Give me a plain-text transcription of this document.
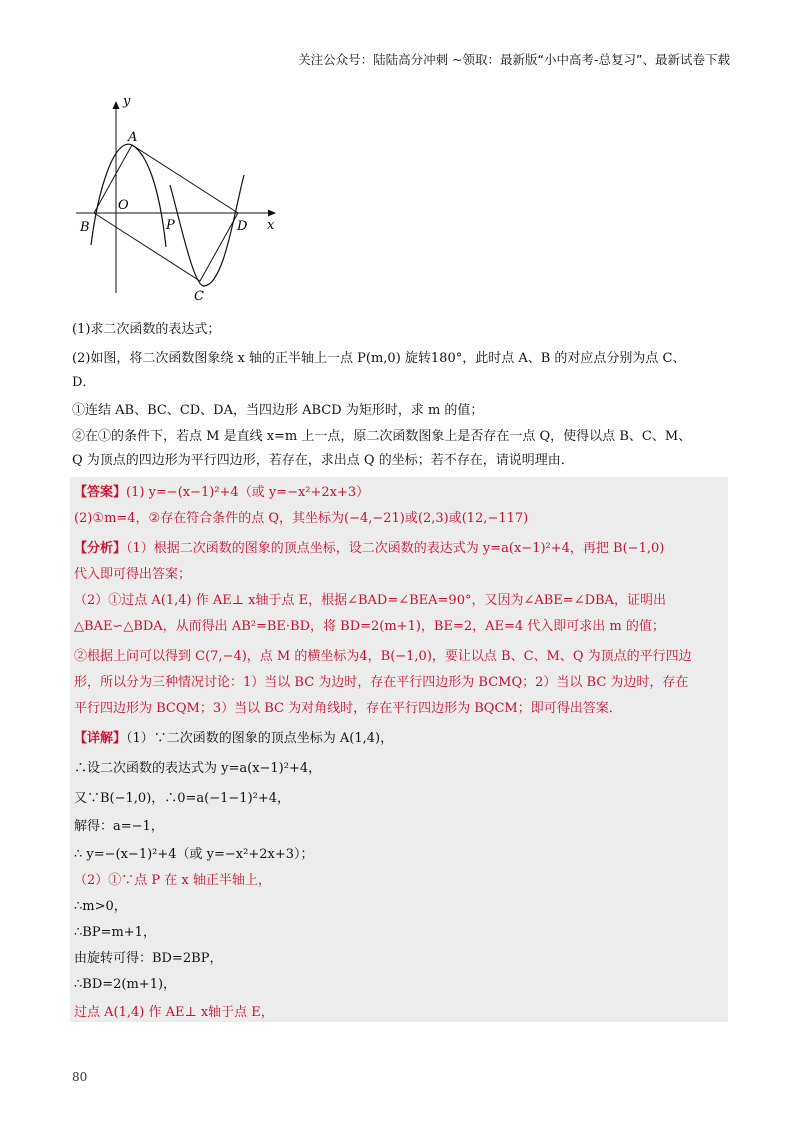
关注公众号：陆陆高分冲刺 ~领取：最新版“小中高考-总复习”、最新试卷下载
y
x
A
O
B	P	D
C
(1)求二次函数的表达式；
(2)如图，将二次函数图象绕 x 轴的正半轴上一点 P(m,0) 旋转180°，此时点 A、B 的对应点分别为点 C、
D．
①连结 AB、BC、CD、DA，当四边形 ABCD 为矩形时，求 m 的值；
②在①的条件下，若点 M 是直线 x=m 上一点，原二次函数图象上是否存在一点 Q，使得以点 B、C、M、
Q 为顶点的四边形为平行四边形，若存在，求出点 Q 的坐标；若不存在，请说明理由．
【答案】(1) y=−(x−1)²+4（或 y=−x²+2x+3）
(2)①m=4，②存在符合条件的点 Q，其坐标为(−4,−21)或(2,3)或(12,−117)
【分析】（1）根据二次函数的图象的顶点坐标，设二次函数的表达式为 y=a(x−1)²+4，再把 B(−1,0)
代入即可得出答案；
（2）①过点 A(1,4) 作 AE⊥ x轴于点 E，根据∠BAD=∠BEA=90°，又因为∠ABE=∠DBA，证明出
△BAE∽△BDA，从而得出 AB²=BE·BD，将 BD=2(m+1)，BE=2，AE=4 代入即可求出 m 的值；
②根据上问可以得到 C(7,−4)，点 M 的横坐标为4，B(−1,0)，要让以点 B、C、M、Q 为顶点的平行四边
形，所以分为三种情况讨论：1）当以 BC 为边时，存在平行四边形为 BCMQ；2）当以 BC 为边时，存在
平行四边形为 BCQM；3）当以 BC 为对角线时，存在平行四边形为 BQCM；即可得出答案．
【详解】（1）∵二次函数的图象的顶点坐标为 A(1,4)，
∴设二次函数的表达式为 y=a(x−1)²+4，
又∵B(−1,0)，∴0=a(−1−1)²+4，
解得：a=−1，
∴ y=−(x−1)²+4（或 y=−x²+2x+3）；
（2）①∵点 P 在 x 轴正半轴上，
∴m>0，
∴BP=m+1，
由旋转可得：BD=2BP，
∴BD=2(m+1)，
过点 A(1,4) 作 AE⊥ x轴于点 E，
80
